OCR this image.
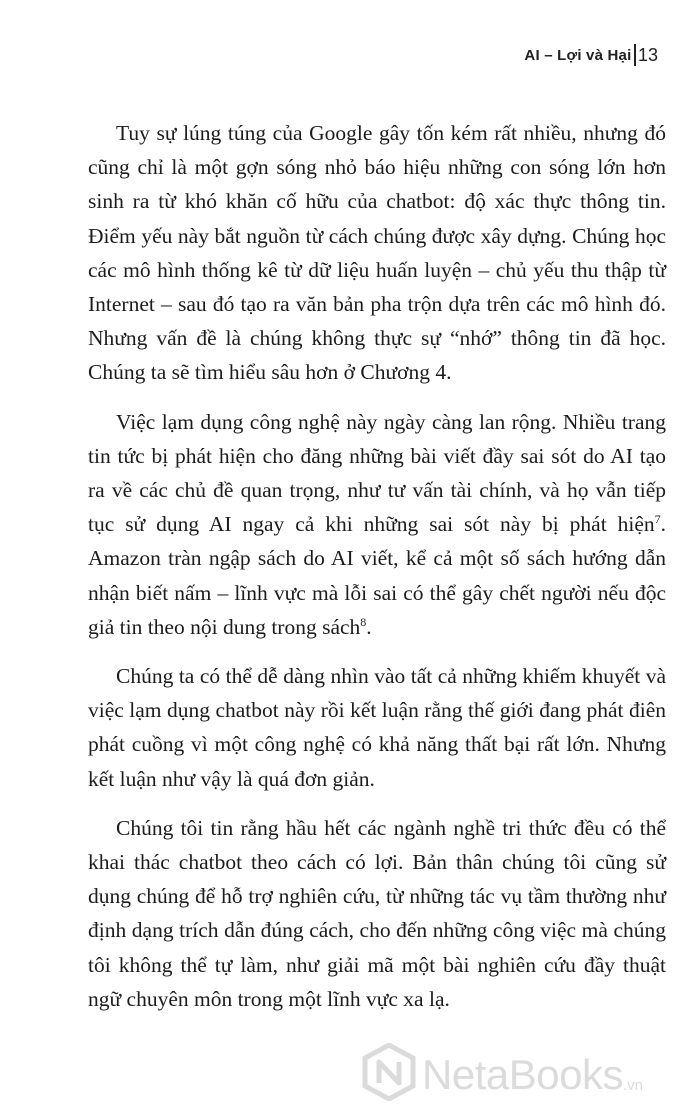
AI – Lợi và Hại 13

Tuy sự lúng túng của Google gây tốn kém rất nhiều, nhưng đó cũng chỉ là một gợn sóng nhỏ báo hiệu những con sóng lớn hơn sinh ra từ khó khăn cố hữu của chatbot: độ xác thực thông tin. Điểm yếu này bắt nguồn từ cách chúng được xây dựng. Chúng học các mô hình thống kê từ dữ liệu huấn luyện – chủ yếu thu thập từ Internet – sau đó tạo ra văn bản pha trộn dựa trên các mô hình đó. Nhưng vấn đề là chúng không thực sự “nhớ” thông tin đã học. Chúng ta sẽ tìm hiểu sâu hơn ở Chương 4.

Việc lạm dụng công nghệ này ngày càng lan rộng. Nhiều trang tin tức bị phát hiện cho đăng những bài viết đầy sai sót do AI tạo ra về các chủ đề quan trọng, như tư vấn tài chính, và họ vẫn tiếp tục sử dụng AI ngay cả khi những sai sót này bị phát hiện$^7$. Amazon tràn ngập sách do AI viết, kể cả một số sách hướng dẫn nhận biết nấm – lĩnh vực mà lỗi sai có thể gây chết người nếu độc giả tin theo nội dung trong sách$^8$.

Chúng ta có thể dễ dàng nhìn vào tất cả những khiếm khuyết và việc lạm dụng chatbot này rồi kết luận rằng thế giới đang phát điên phát cuồng vì một công nghệ có khả năng thất bại rất lớn. Nhưng kết luận như vậy là quá đơn giản.

Chúng tôi tin rằng hầu hết các ngành nghề tri thức đều có thể khai thác chatbot theo cách có lợi. Bản thân chúng tôi cũng sử dụng chúng để hỗ trợ nghiên cứu, từ những tác vụ tầm thường như định dạng trích dẫn đúng cách, cho đến những công việc mà chúng tôi không thể tự làm, như giải mã một bài nghiên cứu đầy thuật ngữ chuyên môn trong một lĩnh vực xa lạ.

NetaBooks .vn
